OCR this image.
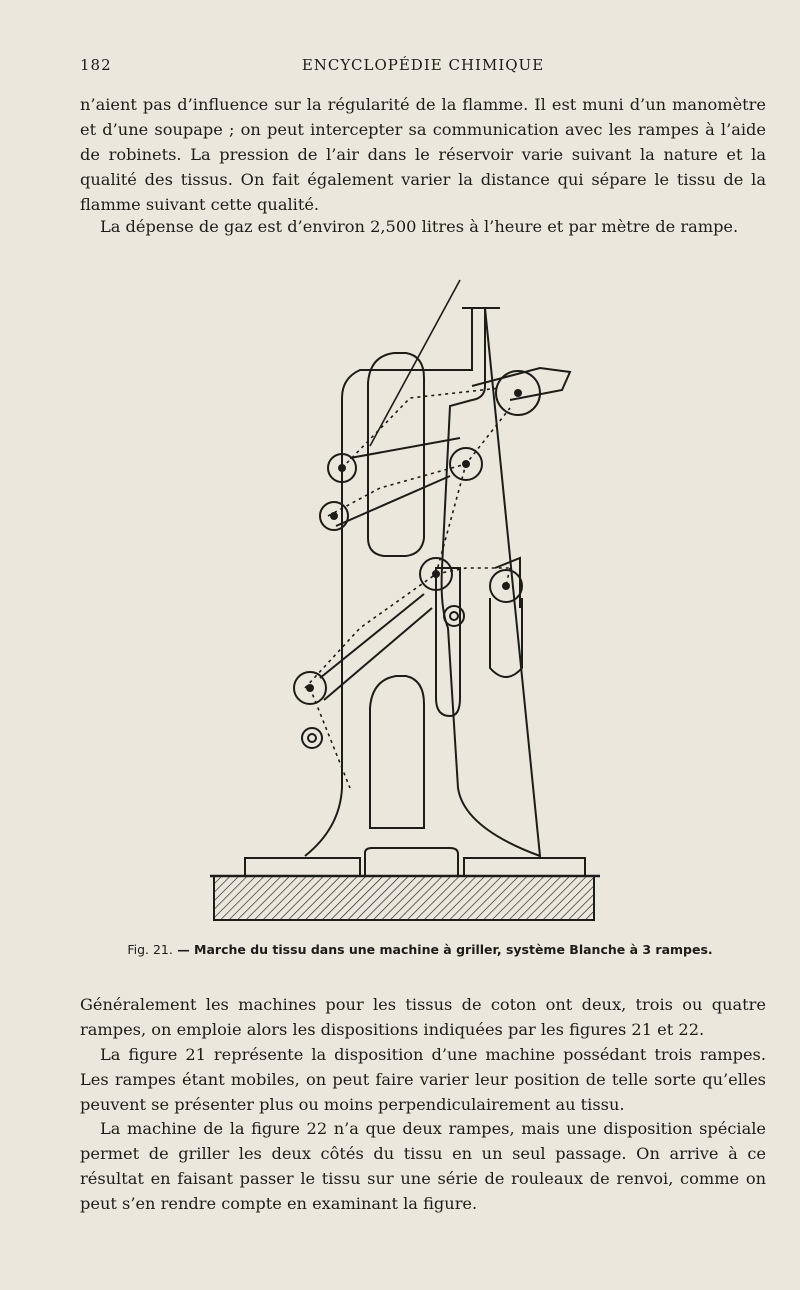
182	ENCYCLOPÉDIE CHIMIQUE

n’aient pas d’influence sur la régularité de la flamme. Il est muni d’un manomètre et d’une soupape ; on peut intercepter sa communication avec les rampes à l’aide de robinets. La pression de l’air dans le réservoir varie suivant la nature et la qualité des tissus. On fait également varier la distance qui sépare le tissu de la flamme suivant cette qualité.

La dépense de gaz est d’environ 2,500 litres à l’heure et par mètre de rampe.

Fig. 21. — Marche du tissu dans une machine à griller, système Blanche à 3 rampes.

Généralement les machines pour les tissus de coton ont deux, trois ou quatre rampes, on emploie alors les dispositions indiquées par les figures 21 et 22.

La figure 21 représente la disposition d’une machine possédant trois rampes. Les rampes étant mobiles, on peut faire varier leur position de telle sorte qu’elles peuvent se présenter plus ou moins perpendiculairement au tissu.

La machine de la figure 22 n’a que deux rampes, mais une disposition spéciale permet de griller les deux côtés du tissu en un seul passage. On arrive à ce résultat en faisant passer le tissu sur une série de rouleaux de renvoi, comme on peut s’en rendre compte en examinant la figure.
